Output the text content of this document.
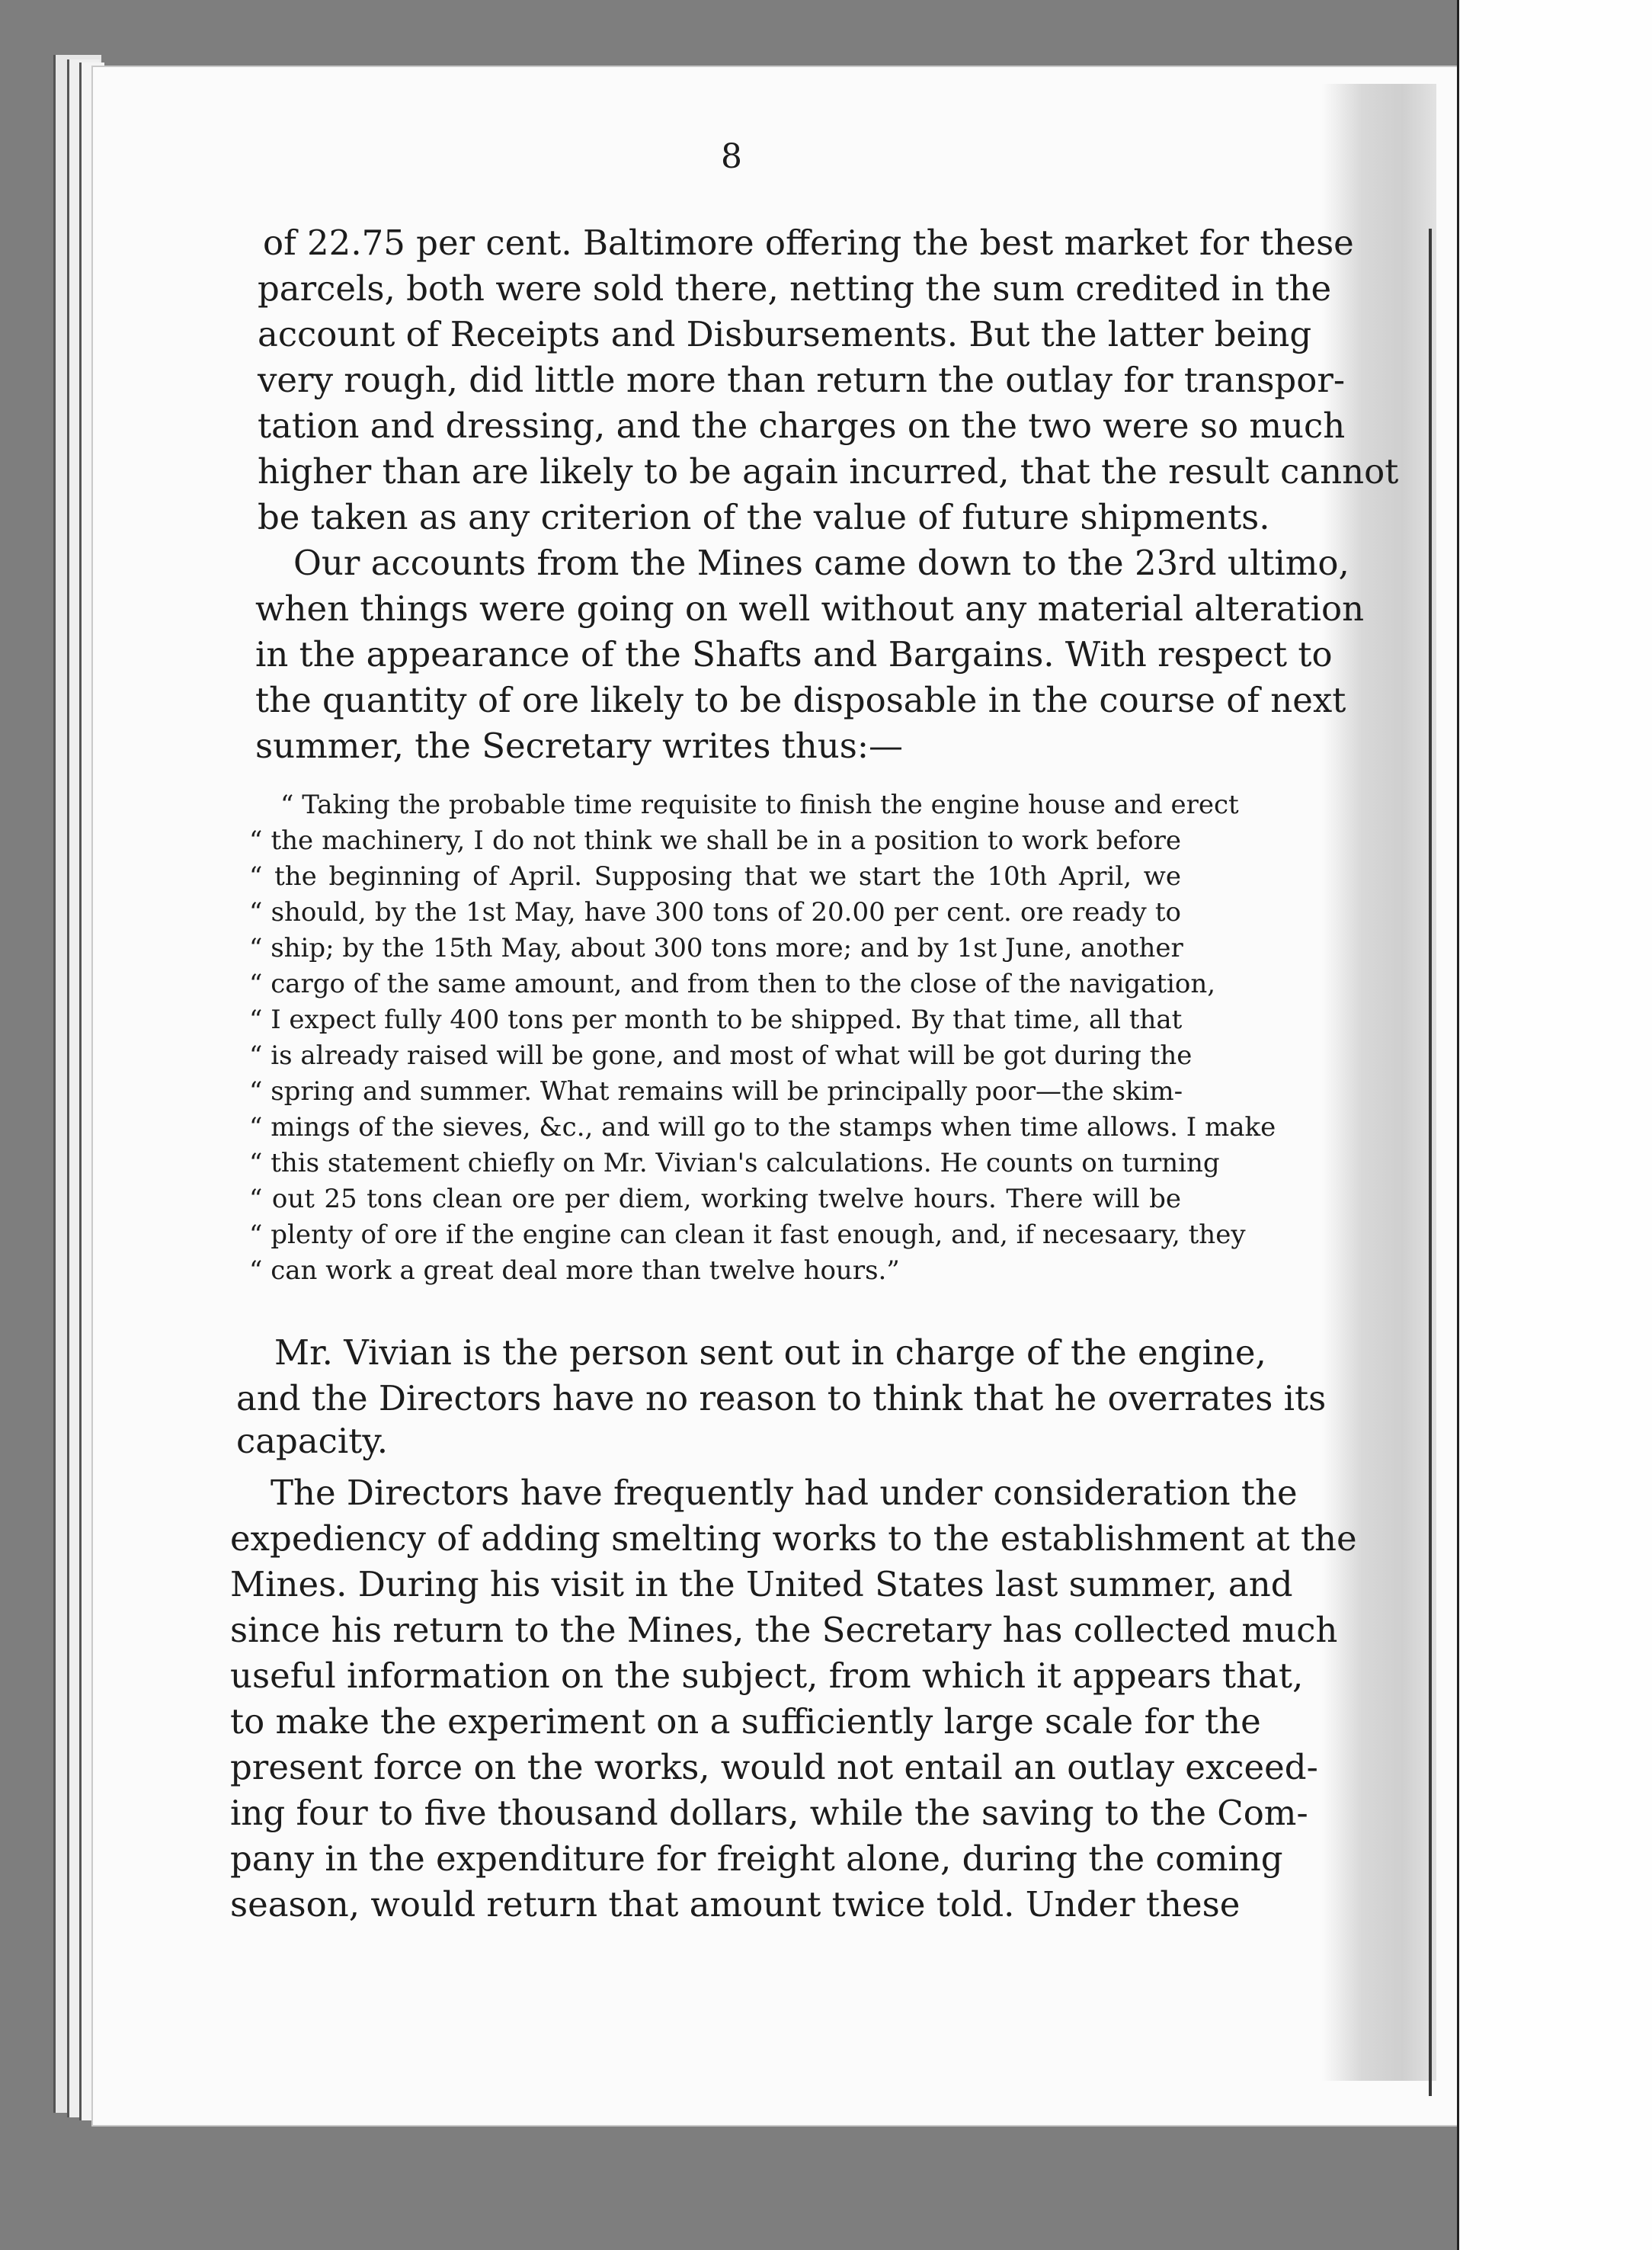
8
of 22.75 per cent. Baltimore offering the best market for these
parcels, both were sold there, netting the sum credited in the
account of Receipts and Disbursements. But the latter being
very rough, did little more than return the outlay for transpor-
tation and dressing, and the charges on the two were so much
higher than are likely to be again incurred, that the result cannot
be taken as any criterion of the value of future shipments.
Our accounts from the Mines came down to the 23rd ultimo,
when things were going on well without any material alteration
in the appearance of the Shafts and Bargains. With respect to
the quantity of ore likely to be disposable in the course of next
summer, the Secretary writes thus:—
“ Taking the probable time requisite to finish the engine house and erect
“ the machinery, I do not think we shall be in a position to work before
“ the beginning of April. Supposing that we start the 10th April, we
“ should, by the 1st May, have 300 tons of 20.00 per cent. ore ready to
“ ship; by the 15th May, about 300 tons more; and by 1st June, another
“ cargo of the same amount, and from then to the close of the navigation,
“ I expect fully 400 tons per month to be shipped. By that time, all that
“ is already raised will be gone, and most of what will be got during the
“ spring and summer. What remains will be principally poor—the skim-
“ mings of the sieves, &c., and will go to the stamps when time allows. I make
“ this statement chiefly on Mr. Vivian's calculations. He counts on turning
“ out 25 tons clean ore per diem, working twelve hours. There will be
“ plenty of ore if the engine can clean it fast enough, and, if necesaary, they
“ can work a great deal more than twelve hours.”
Mr. Vivian is the person sent out in charge of the engine,
and the Directors have no reason to think that he overrates its
capacity.
The Directors have frequently had under consideration the
expediency of adding smelting works to the establishment at the
Mines. During his visit in the United States last summer, and
since his return to the Mines, the Secretary has collected much
useful information on the subject, from which it appears that,
to make the experiment on a sufficiently large scale for the
present force on the works, would not entail an outlay exceed-
ing four to five thousand dollars, while the saving to the Com-
pany in the expenditure for freight alone, during the coming
season, would return that amount twice told. Under these
